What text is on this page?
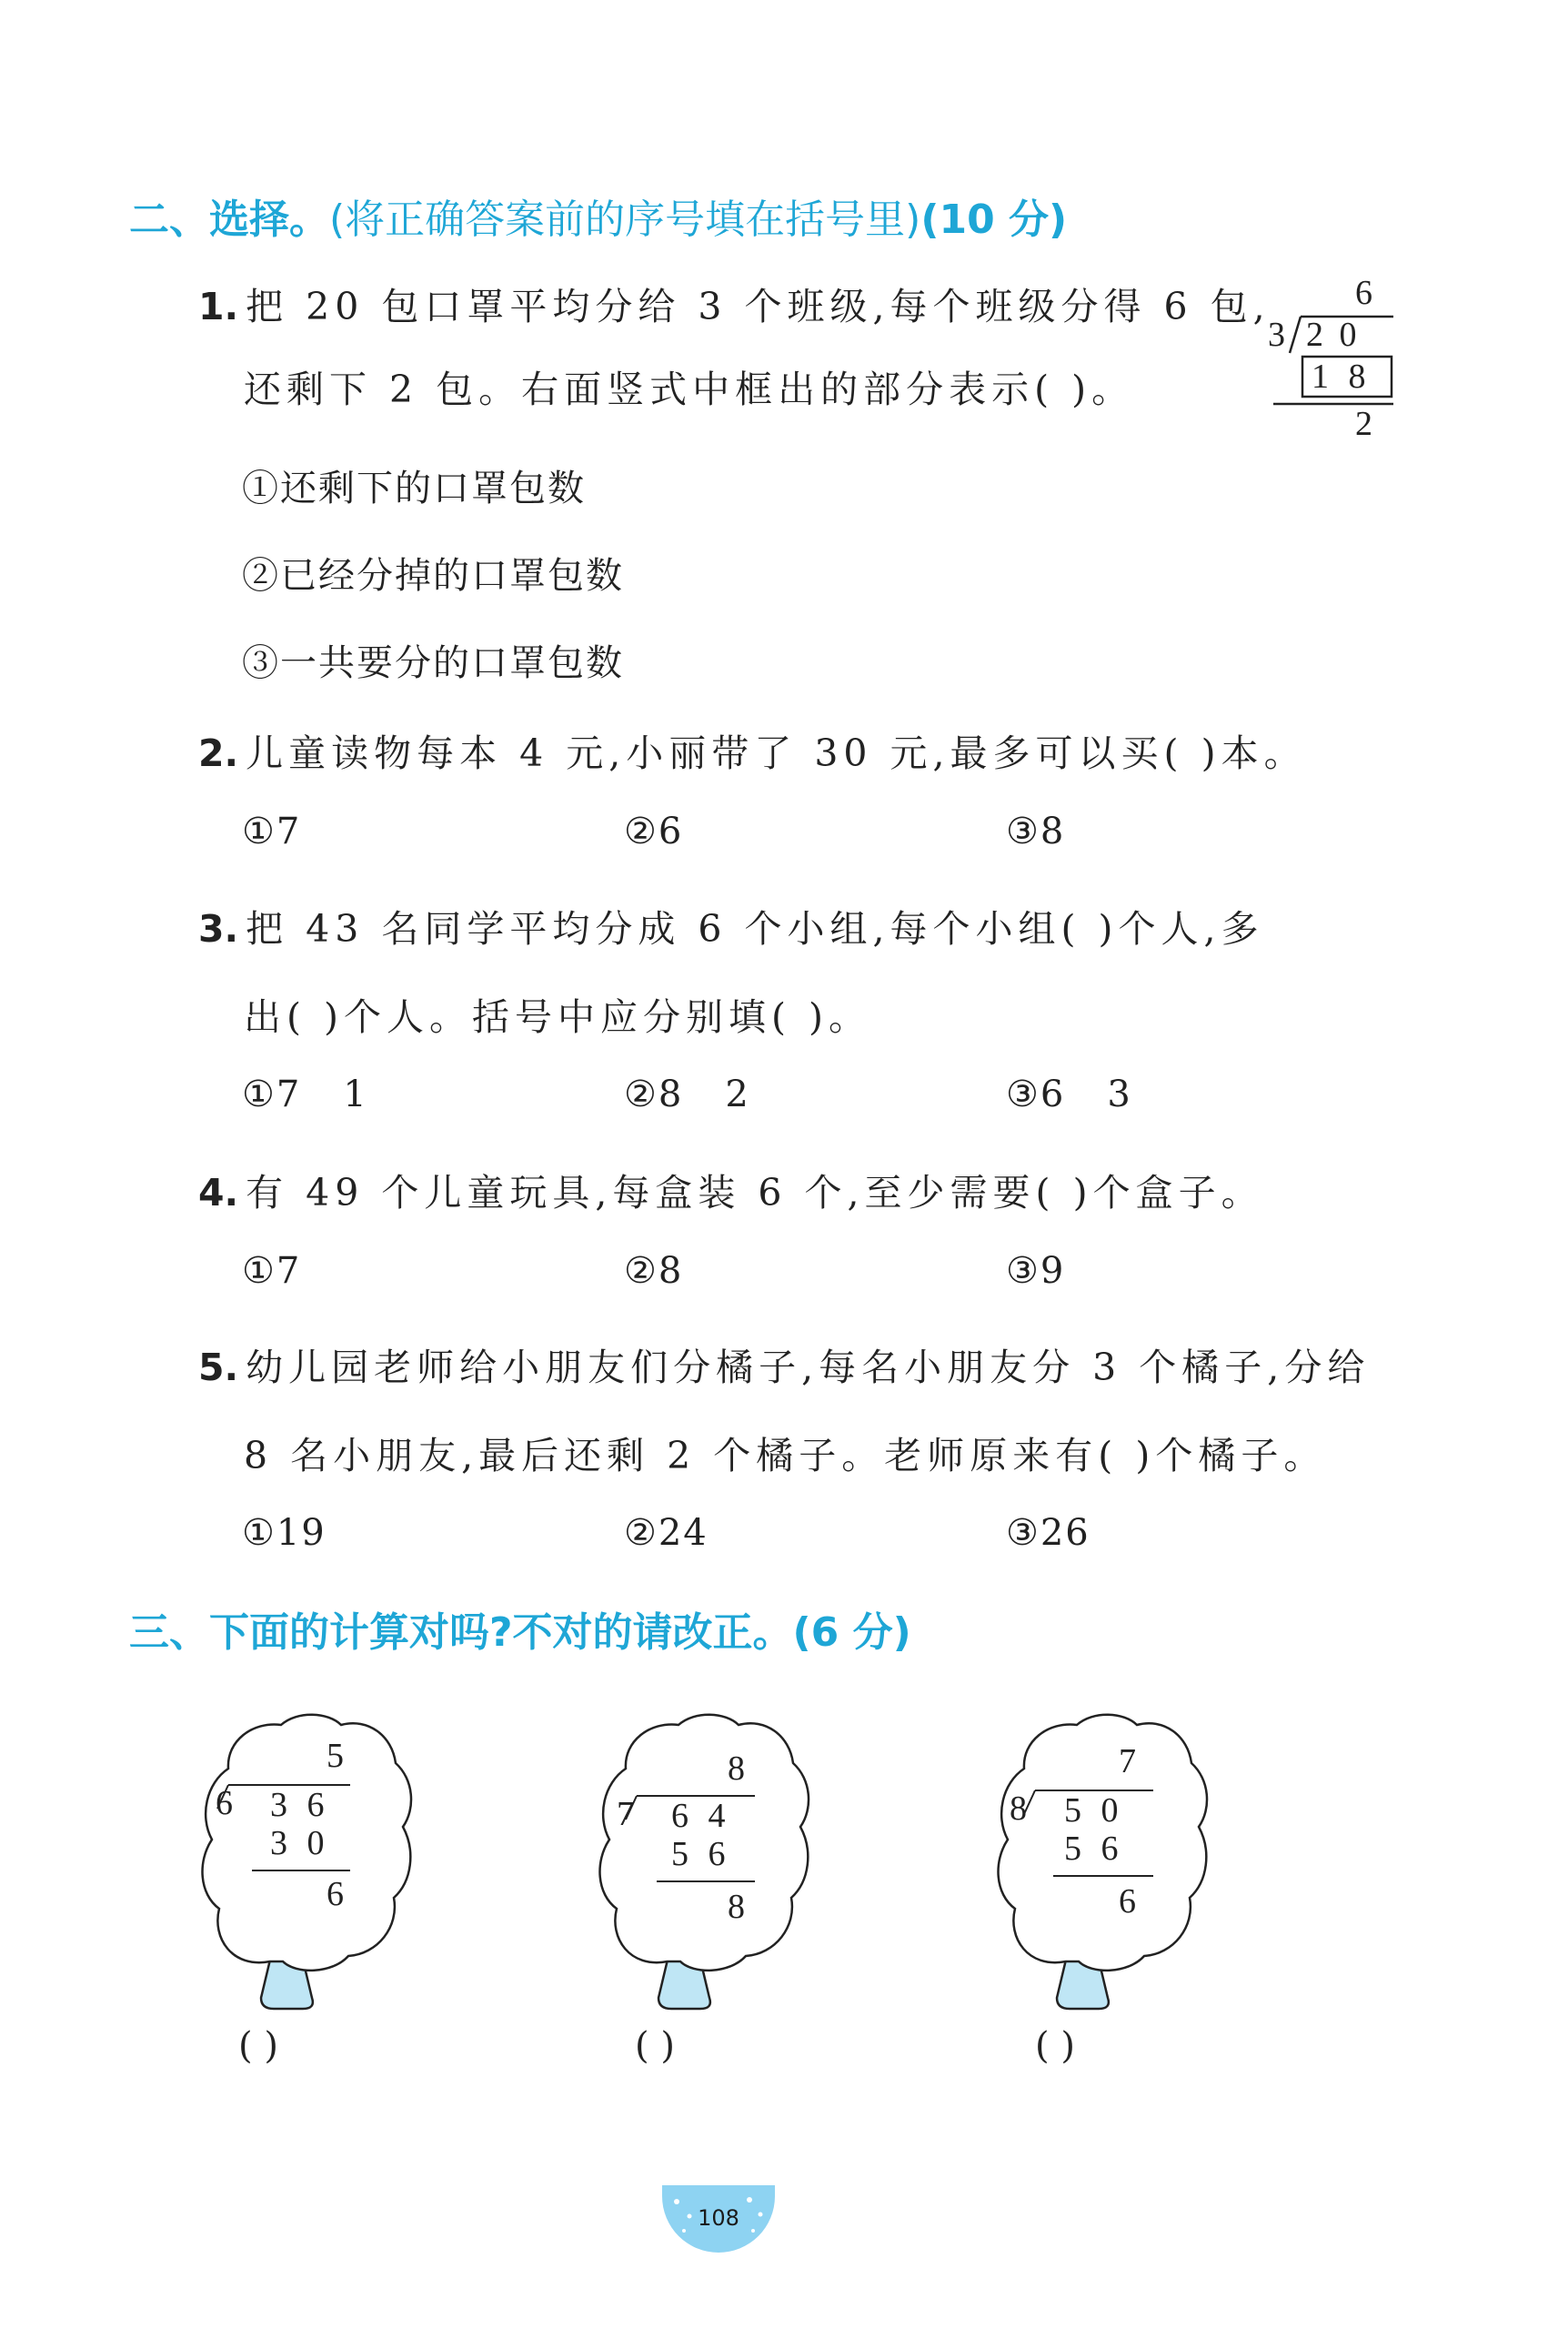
二、选择。(将正确答案前的序号填在括号里)(10 分)
1. 把 20 包口罩平均分给 3 个班级,每个班级分得 6 包,
还剩下 2 包。右面竖式中框出的部分表示( )。
6
3 2 0
1 8
2
①还剩下的口罩包数
②已经分掉的口罩包数
③一共要分的口罩包数
2. 儿童读物每本 4 元,小丽带了 30 元,最多可以买( )本。
①7	②6	③8
3. 把 43 名同学平均分成 6 个小组,每个小组( )个人,多
出( )个人。括号中应分别填( )。
①7 1	②8 2	③6 3
4. 有 49 个儿童玩具,每盒装 6 个,至少需要( )个盒子。
①7	②8	③9
5. 幼儿园老师给小朋友们分橘子,每名小朋友分 3 个橘子,分给
8 名小朋友,最后还剩 2 个橘子。老师原来有( )个橘子。
①19	②24	③26
三、下面的计算对吗?不对的请改正。(6 分)
5
6 3 6
3 0
6
( )
8
7 6 4
5 6
8
( )
7
8 5 0
5 6
6
( )
108
